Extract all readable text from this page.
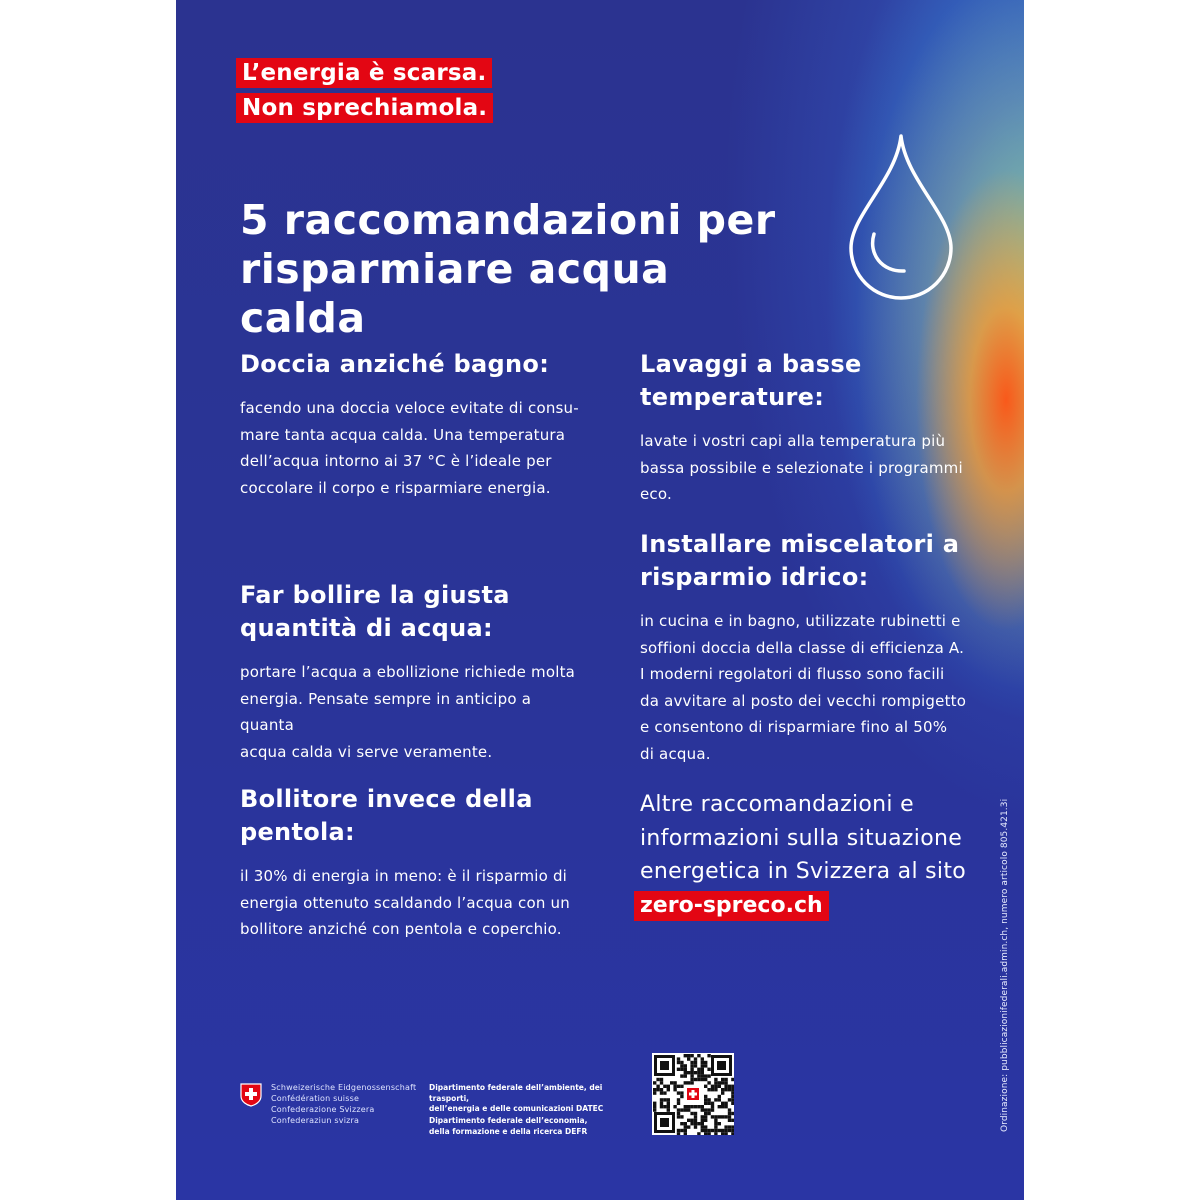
L’energia è scarsa.
Non sprechiamola.
5 raccomandazioni per risparmiare acqua calda
Doccia anziché bagno:

facendo una doccia veloce evitate di consu-
mare tanta acqua calda. Una temperatura
dell’acqua intorno ai 37 °C è l’ideale per
coccolare il corpo e risparmiare energia.

Far bollire la giusta quantità di acqua:

portare l’acqua a ebollizione richiede molta
energia. Pensate sempre in anticipo a quanta
acqua calda vi serve veramente.

Bollitore invece della pentola:

il 30% di energia in meno: è il risparmio di
energia ottenuto scaldando l’acqua con un
bollitore anziché con pentola e coperchio.

Lavaggi a basse temperature:

lavate i vostri capi alla temperatura più
bassa possibile e selezionate i programmi
eco.

Installare miscelatori a risparmio idrico:

in cucina e in bagno, utilizzate rubinetti e
soffioni doccia della classe di efficienza A.
I moderni regolatori di flusso sono facili
da avvitare al posto dei vecchi rompigetto
e consentono di risparmiare fino al 50%
di acqua.

Altre raccomandazioni e informazioni sulla situazione energetica in Svizzera al sito

zero-spreco.ch	Ordinazione: pubblicazionifederali.admin.ch, numero articolo 805.421.3i
Schweizerische Eidgenossenschaft
Confédération suisse
Confederazione Svizzera
Confederaziun svizra
Dipartimento federale dell’ambiente, dei trasporti,
dell’energia e delle comunicazioni DATEC
Dipartimento federale dell’economia,
della formazione e della ricerca DEFR
